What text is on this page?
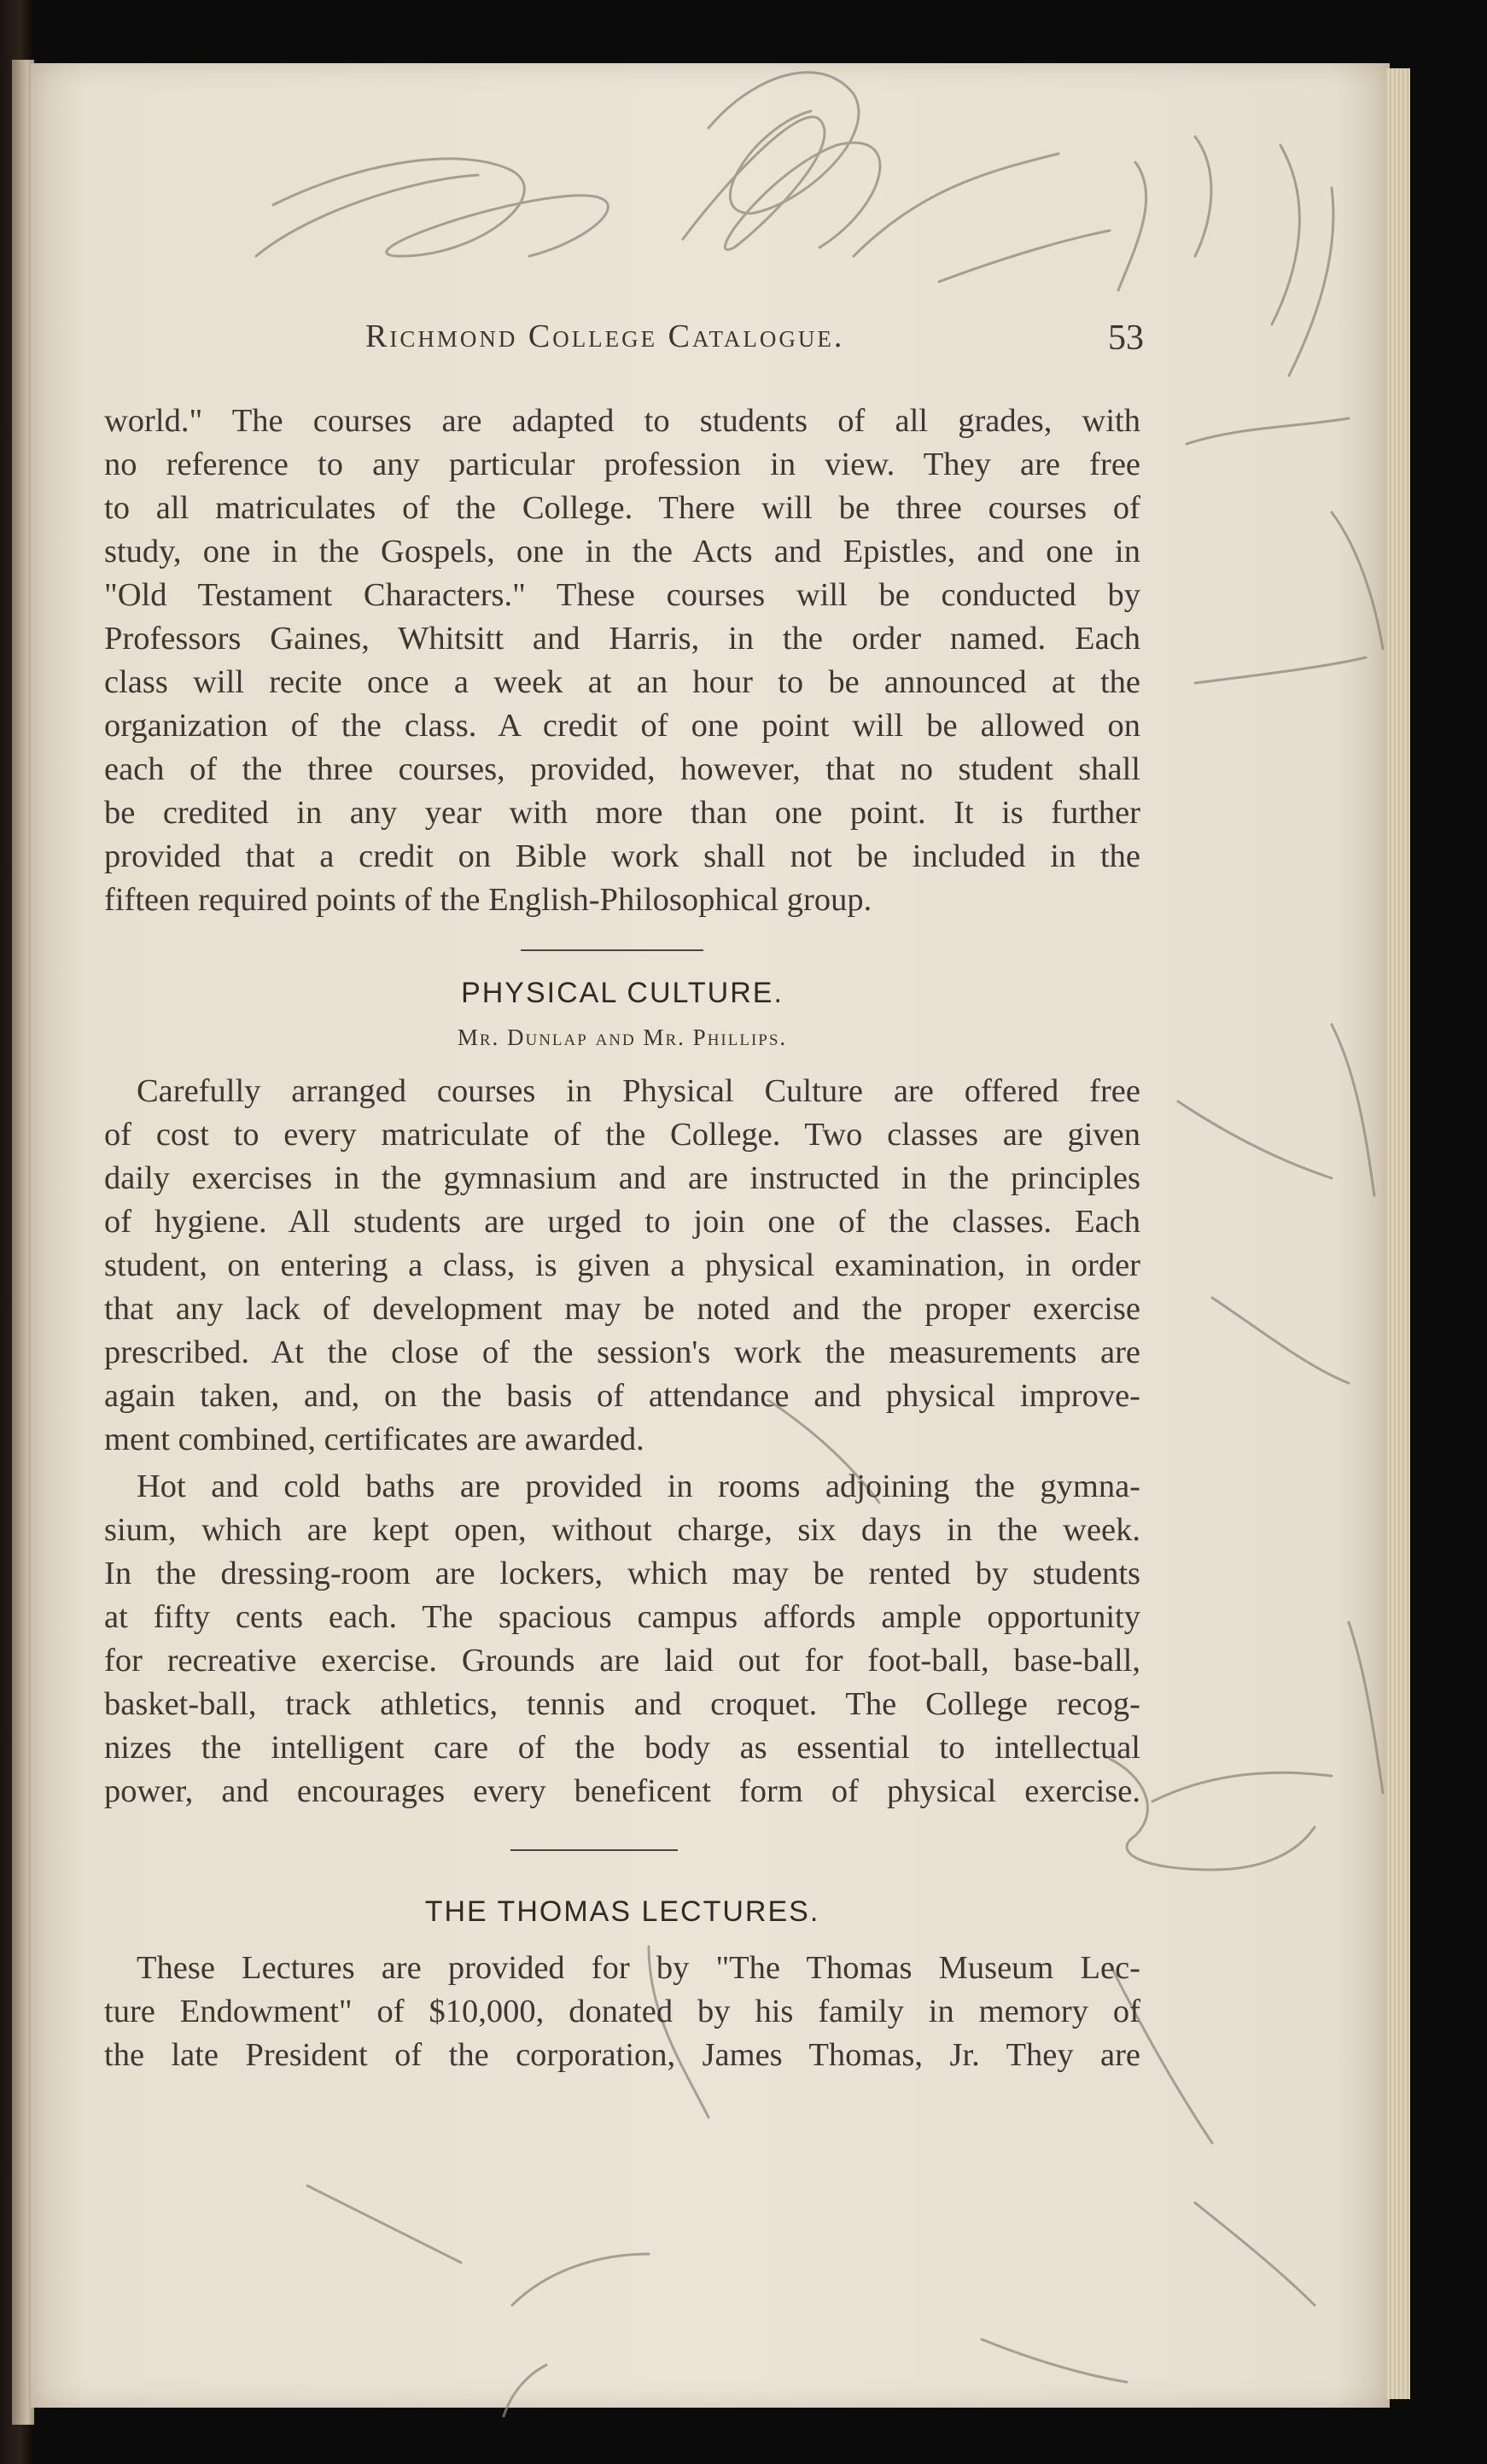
Richmond College Catalogue.	53
world." The courses are adapted to students of all grades, with
no reference to any particular profession in view. They are free
to all matriculates of the College. There will be three courses of
study, one in the Gospels, one in the Acts and Epistles, and one in
"Old Testament Characters." These courses will be conducted by
Professors Gaines, Whitsitt and Harris, in the order named. Each
class will recite once a week at an hour to be announced at the
organization of the class. A credit of one point will be allowed on
each of the three courses, provided, however, that no student shall
be credited in any year with more than one point. It is further
provided that a credit on Bible work shall not be included in the
fifteen required points of the English-Philosophical group.
PHYSICAL CULTURE.
Mr. Dunlap and Mr. Phillips.
Carefully arranged courses in Physical Culture are offered free
of cost to every matriculate of the College. Two classes are given
daily exercises in the gymnasium and are instructed in the principles
of hygiene. All students are urged to join one of the classes. Each
student, on entering a class, is given a physical examination, in order
that any lack of development may be noted and the proper exercise
prescribed. At the close of the session's work the measurements are
again taken, and, on the basis of attendance and physical improve-
ment combined, certificates are awarded.
Hot and cold baths are provided in rooms adjoining the gymna-
sium, which are kept open, without charge, six days in the week.
In the dressing-room are lockers, which may be rented by students
at fifty cents each. The spacious campus affords ample opportunity
for recreative exercise. Grounds are laid out for foot-ball, base-ball,
basket-ball, track athletics, tennis and croquet. The College recog-
nizes the intelligent care of the body as essential to intellectual
power, and encourages every beneficent form of physical exercise.
THE THOMAS LECTURES.
These Lectures are provided for by "The Thomas Museum Lec-
ture Endowment" of $10,000, donated by his family in memory of
the late President of the corporation, James Thomas, Jr. They are
